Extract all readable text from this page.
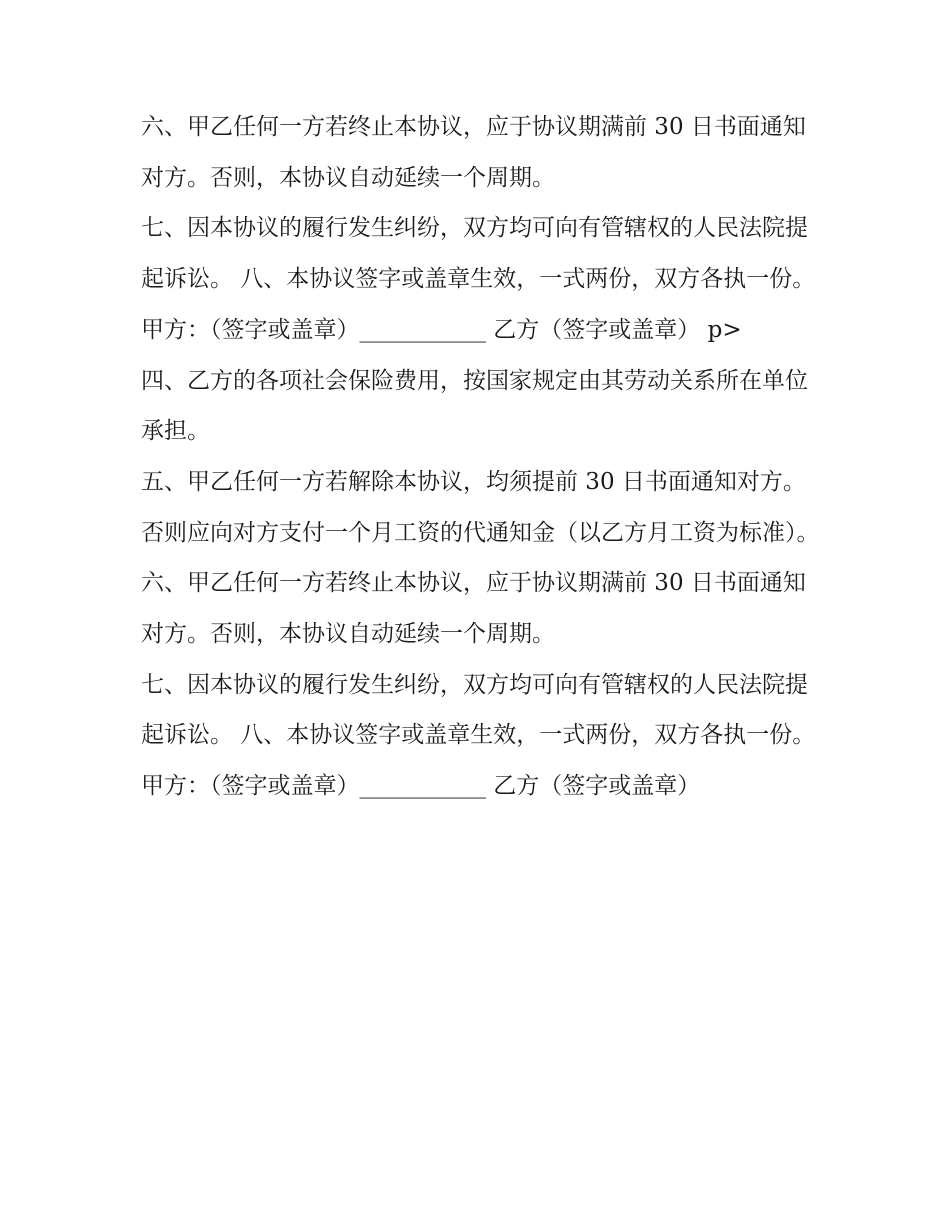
六、甲乙任何一方若终止本协议，应于协议期满前 30 日书面通知对方。否则，本协议自动延续一个周期。

七、因本协议的履行发生纠纷，双方均可向有管辖权的人民法院提起诉讼。 八、本协议签字或盖章生效，一式两份，双方各执一份。

甲方：（签字或盖章）___________ 乙方（签字或盖章） p>

四、乙方的各项社会保险费用，按国家规定由其劳动关系所在单位承担。

五、甲乙任何一方若解除本协议，均须提前 30 日书面通知对方。否则应向对方支付一个月工资的代通知金（以乙方月工资为标准）。

六、甲乙任何一方若终止本协议，应于协议期满前 30 日书面通知对方。否则，本协议自动延续一个周期。

七、因本协议的履行发生纠纷，双方均可向有管辖权的人民法院提起诉讼。 八、本协议签字或盖章生效，一式两份，双方各执一份。

甲方：（签字或盖章）___________ 乙方（签字或盖章）
